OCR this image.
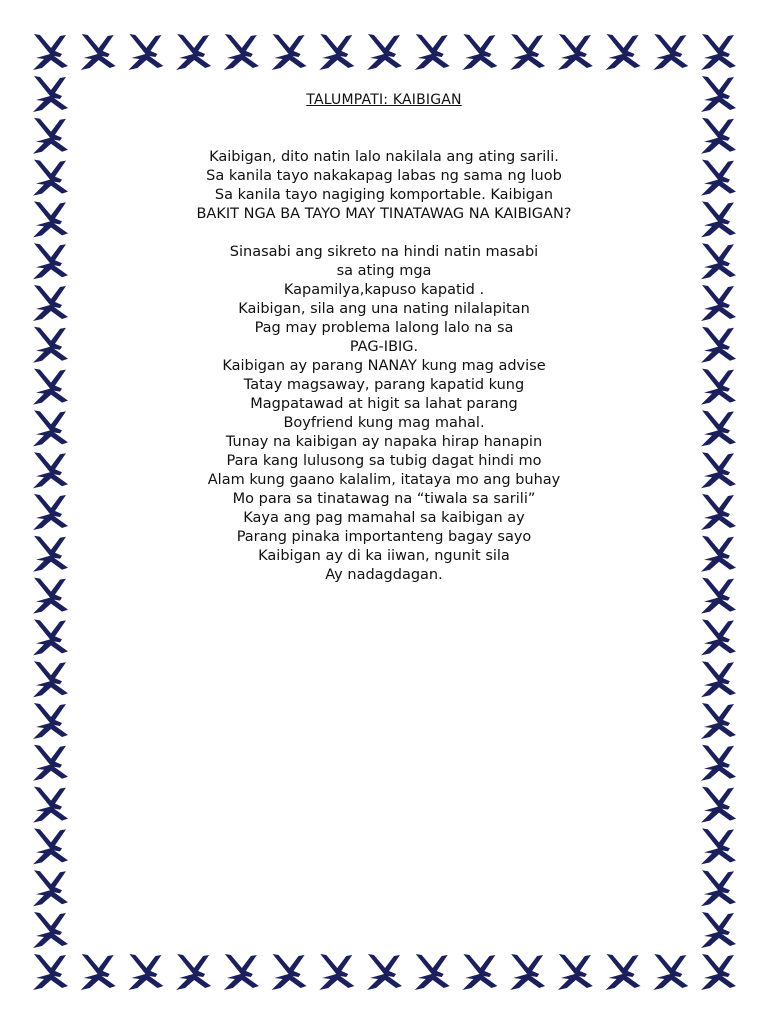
TALUMPATI: KAIBIGAN
Kaibigan, dito natin lalo nakilala ang ating sarili.
Sa kanila tayo nakakapag labas ng sama ng luob
Sa kanila tayo nagiging komportable. Kaibigan
BAKIT NGA BA TAYO MAY TINATAWAG NA KAIBIGAN?
Sinasabi ang sikreto na hindi natin masabi
sa ating mga
Kapamilya,kapuso kapatid .
Kaibigan, sila ang una nating nilalapitan
Pag may problema lalong lalo na sa
PAG-IBIG.
Kaibigan ay parang NANAY kung mag advise
Tatay magsaway, parang kapatid kung
Magpatawad at higit sa lahat parang
Boyfriend kung mag mahal.
Tunay na kaibigan ay napaka hirap hanapin
Para kang lulusong sa tubig dagat hindi mo
Alam kung gaano kalalim, itataya mo ang buhay
Mo para sa tinatawag na “tiwala sa sarili”
Kaya ang pag mamahal sa kaibigan ay
Parang pinaka importanteng bagay sayo
Kaibigan ay di ka iiwan, ngunit sila
Ay nadagdagan.
